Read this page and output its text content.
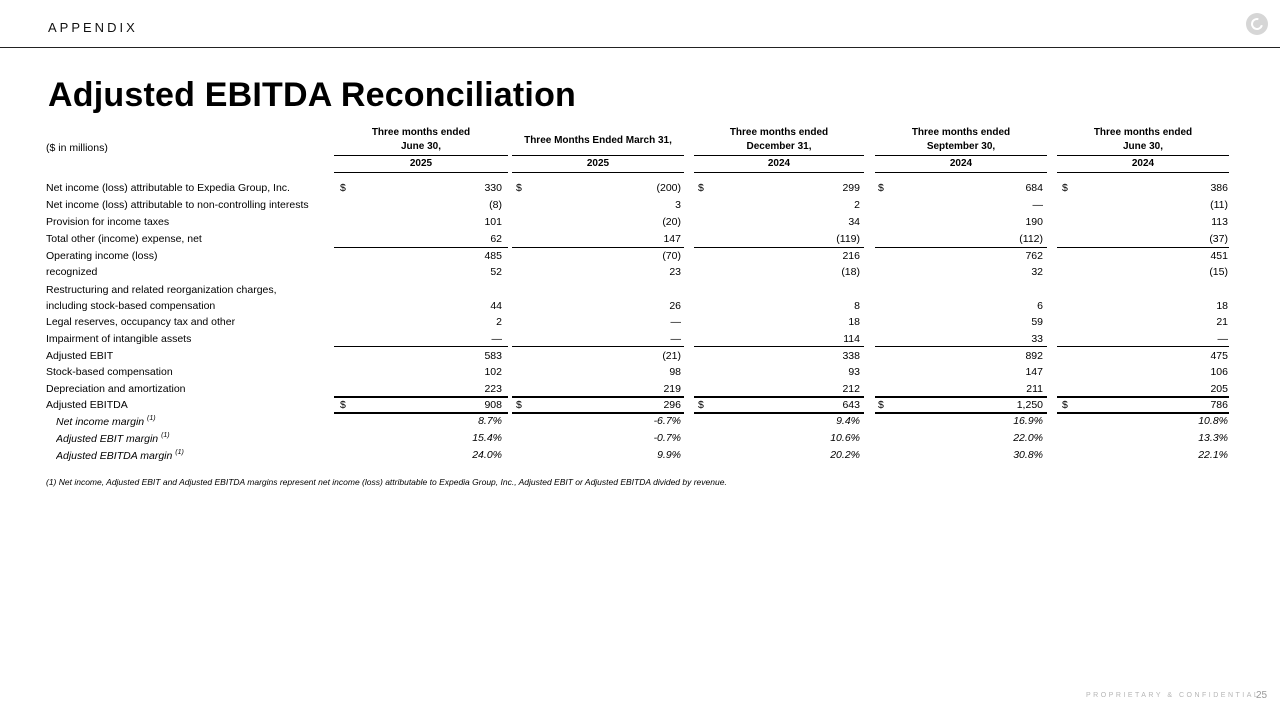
APPENDIX
Adjusted EBITDA Reconciliation
($ in millions)
Three months ended
June 30,
2025
Three Months Ended March 31,
2025
Three months ended
December 31,
2024
Three months ended
September 30,
2024
Three months ended
June 30,
2024
Net income (loss) attributable to Expedia Group, Inc.	$	330 $	(200) $	299 $	684 $	386
Net income (loss) attributable to non-controlling interests	(8)	3	2	—	(11)
Provision for income taxes	101	(20)	34	190	113
Total other (income) expense, net	62	147	(119)	(112)	(37)
Operating income (loss)	485	(70)	216	762	451
recognized	52	23	(18)	32	(15)
Restructuring and related reorganization charges,
including stock-based compensation	44	26	8	6	18
Legal reserves, occupancy tax and other	2	—	18	59	21
Impairment of intangible assets	—	—	114	33	—
Adjusted EBIT	583	(21)	338	892	475
Stock-based compensation	102	98	93	147	106
Depreciation and amortization	223	219	212	211	205
Adjusted EBITDA	$	908 $	296 $	643 $	1,250 $	786
Net income margin $^{(1)}$	8.7%	-6.7%	9.4%	16.9%	10.8%
Adjusted EBIT margin $^{(1)}$	15.4%	-0.7%	10.6%	22.0%	13.3%
Adjusted EBITDA margin $^{(1)}$	24.0%	9.9%	20.2%	30.8%	22.1%
(1) Net income, Adjusted EBIT and Adjusted EBITDA margins represent net income (loss) attributable to Expedia Group, Inc., Adjusted EBIT or Adjusted EBITDA divided by revenue.
PROPRIETARY & CONFIDENTIAL
25
